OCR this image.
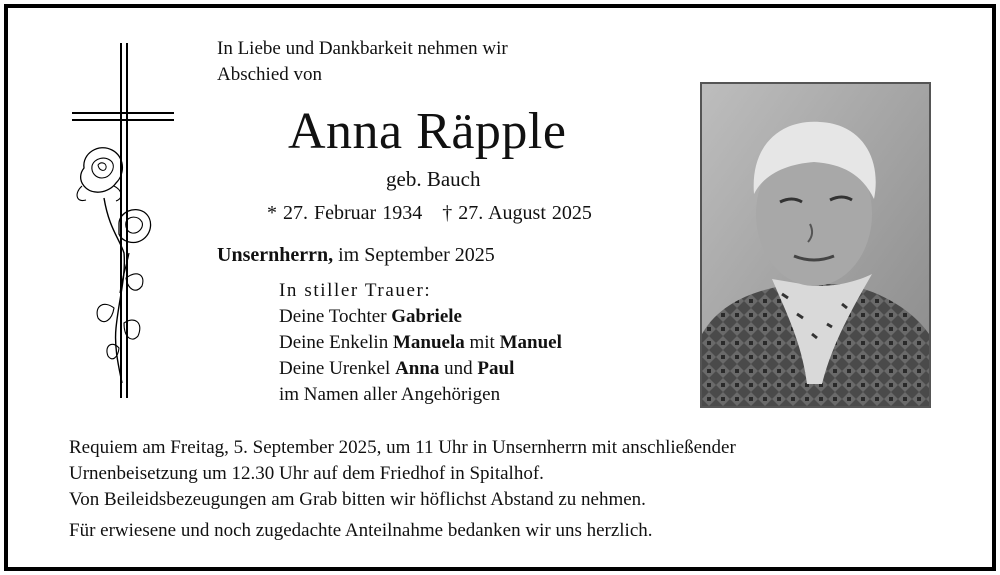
In Liebe und Dankbarkeit nehmen wir
Abschied von
Anna Räpple
geb. Bauch
* 27. Februar 1934 † 27. August 2025
Unsernherrn, im September 2025
In stiller Trauer:
Deine Tochter Gabriele
Deine Enkelin Manuela mit Manuel
Deine Urenkel Anna und Paul
im Namen aller Angehörigen
Requiem am Freitag, 5. September 2025, um 11 Uhr in Unsernherrn mit anschließender
Urnenbeisetzung um 12.30 Uhr auf dem Friedhof in Spitalhof.
Von Beileidsbezeugungen am Grab bitten wir höflichst Abstand zu nehmen.
Für erwiesene und noch zugedachte Anteilnahme bedanken wir uns herzlich.
